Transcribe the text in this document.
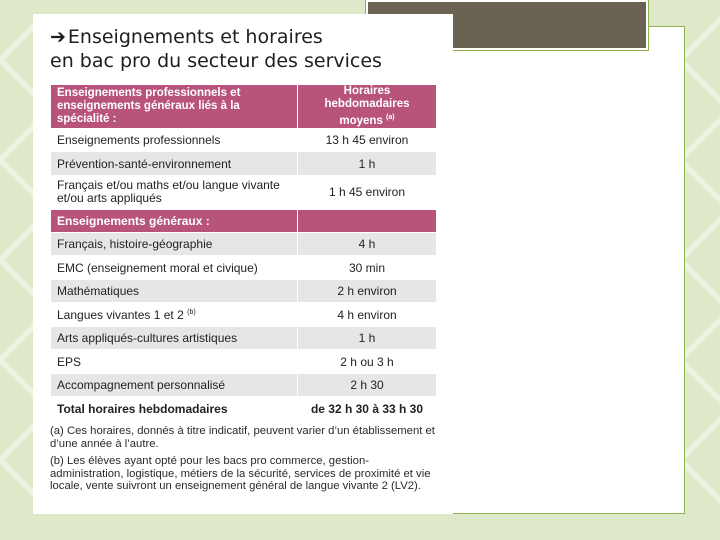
➔ Enseignements et horaires
en bac pro du secteur des services
Enseignements professionnels et enseignements généraux liés à la spécialité :	Horaires hebdomadaires moyens $^{(a)}$
Enseignements professionnels	13 h 45 environ
Prévention-santé-environnement	1 h
Français et/ou maths et/ou langue vivante et/ou arts appliqués	1 h 45 environ
Enseignements généraux :	
Français, histoire-géographie	4 h
EMC (enseignement moral et civique)	30 min
Mathématiques	2 h environ
Langues vivantes 1 et 2 $^{(b)}$	4 h environ
Arts appliqués-cultures artistiques	1 h
EPS	2 h ou 3 h
Accompagnement personnalisé	2 h 30
Total horaires hebdomadaires	de 32 h 30 à 33 h 30

(a) Ces horaires, donnés à titre indicatif, peuvent varier d’un établissement et d’une année à l’autre.

(b) Les élèves ayant opté pour les bacs pro commerce, gestion-administration, logistique, métiers de la sécurité, services de proximité et vie locale, vente suivront un enseignement général de langue vivante 2 (LV2).
